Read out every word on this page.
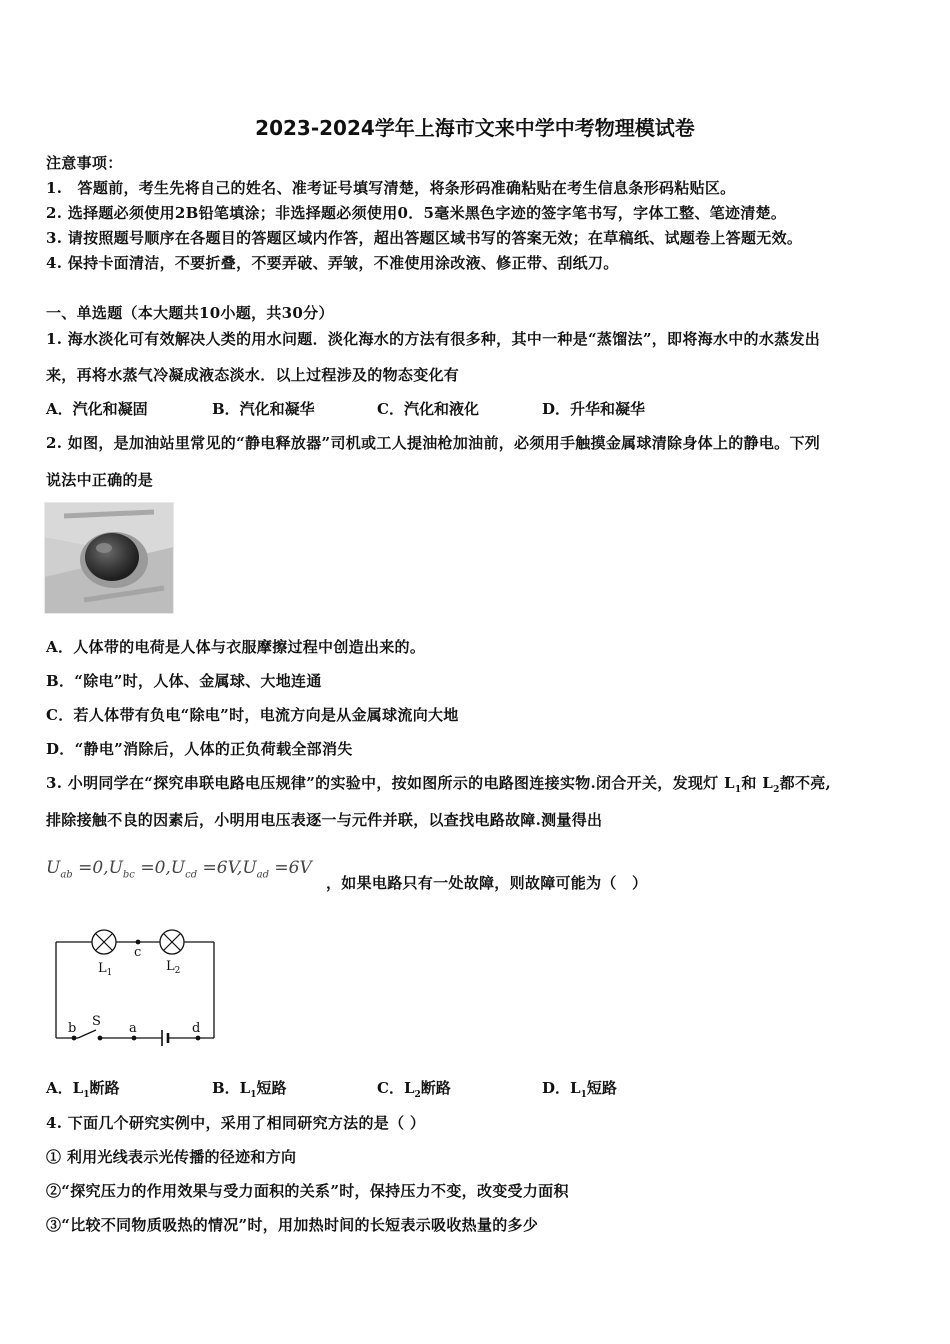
2023-2024学年上海市文来中学中考物理模试卷
注意事项：
1.　答题前，考生先将自己的姓名、准考证号填写清楚，将条形码准确粘贴在考生信息条形码粘贴区。
2. 选择题必须使用2B铅笔填涂；非选择题必须使用0．5毫米黑色字迹的签字笔书写，字体工整、笔迹清楚。
3. 请按照题号顺序在各题目的答题区域内作答，超出答题区域书写的答案无效；在草稿纸、试题卷上答题无效。
4. 保持卡面清洁，不要折叠，不要弄破、弄皱，不准使用涂改液、修正带、刮纸刀。
一、单选题（本大题共10小题，共30分）
1. 海水淡化可有效解决人类的用水问题．淡化海水的方法有很多种，其中一种是“蒸馏法”，即将海水中的水蒸发出
来，再将水蒸气冷凝成液态淡水．以上过程涉及的物态变化有
A．汽化和凝固	B．汽化和凝华	C．汽化和液化	D．升华和凝华
2. 如图，是加油站里常见的“静电释放器”司机或工人提油枪加油前，必须用手触摸金属球清除身体上的静电。下列
说法中正确的是
A．人体带的电荷是人体与衣服摩擦过程中创造出来的。
B．“除电”时，人体、金属球、大地连通
C．若人体带有负电“除电”时，电流方向是从金属球流向大地
D．“静电”消除后，人体的正负荷载全部消失
3. 小明同学在“探究串联电路电压规律”的实验中，按如图所示的电路图连接实物.闭合开关，发现灯 $L_1$和 $L_2$都不亮,
排除接触不良的因素后，小明用电压表逐一与元件并联，以查找电路故障.测量得出
$U_{ab} =0,U_{bc} =0,U_{cd} =6V,U_{ad} =6V$
，如果电路只有一处故障，则故障可能为（　）
c
$L_1$	$L_2$
b S a	d
A．$L_1$断路	B．$L_1$短路	C．$L_2$断路	D．$L_1$短路
4. 下面几个研究实例中，采用了相同研究方法的是（ ）
① 利用光线表示光传播的径迹和方向
②“探究压力的作用效果与受力面积的关系”时，保持压力不变，改变受力面积
③“比较不同物质吸热的情况”时，用加热时间的长短表示吸收热量的多少
